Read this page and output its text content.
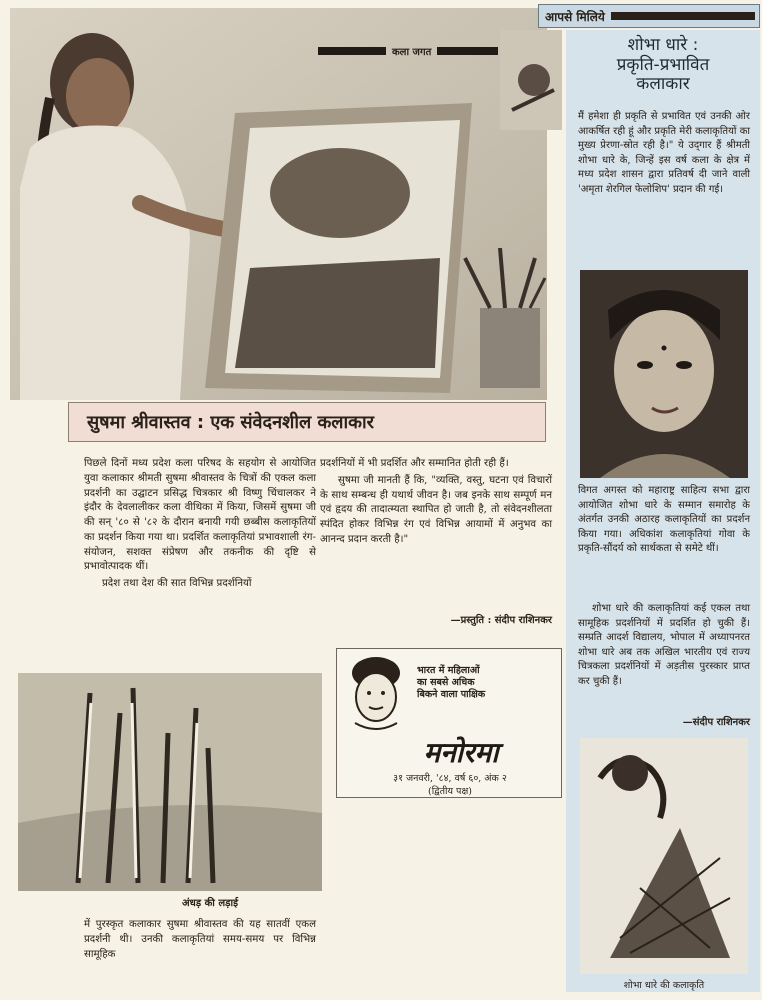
कला जगत
सुषमा श्रीवास्तव : एक संवेदनशील कलाकार

पिछले दिनों मध्य प्रदेश कला परिषद के सहयोग से आयोजित युवा कलाकार श्रीमती सुषमा श्रीवास्तव के चित्रों की एकल कला प्रदर्शनी का उद्घाटन प्रसिद्ध चित्रकार श्री विष्णु चिंचालकर ने इंदौर के देवलालीकर कला वीथिका में किया, जिसमें सुषमा जी की सन् '८० से '८२ के दौरान बनायी गयी छब्बीस कलाकृतियों का प्रदर्शन किया गया था। प्रदर्शित कलाकृतियां प्रभावशाली रंग-संयोजन, सशक्त संप्रेषण और तकनीक की दृष्टि से प्रभावोत्पादक थीं।

प्रदेश तथा देश की सात विभिन्न प्रदर्शनियों

प्रदर्शनियों में भी प्रदर्शित और सम्मानित होती रही हैं।

सुषमा जी मानती हैं कि, "व्यक्ति, वस्तु, घटना एवं विचारों के साथ सम्बन्ध ही यथार्थ जीवन है। जब इनके साथ सम्पूर्ण मन एवं हृदय की तादात्म्यता स्थापित हो जाती है, तो संवेदनशीलता स्पंदित होकर विभिन्न रंग एवं विभिन्न आयामों में अनुभव का आनन्द प्रदान करती है।"

—प्रस्तुति : संदीप राशिनकर
अंधड़ की लड़ाई
में पुरस्कृत कलाकार सुषमा श्रीवास्तव की यह सातवीं एकल प्रदर्शनी थी। उनकी कलाकृतियां समय-समय पर विभिन्न सामूहिक
भारत में महिलाओं
का सबसे अधिक
बिकने वाला पाक्षिक
मनोरमा
३१ जनवरी, '८४, वर्ष ६०, अंक २
(द्वितीय पक्ष)
आपसे मिलिये
शोभा धारे :
प्रकृति-प्रभावित
कलाकार
मैं हमेशा ही प्रकृति से प्रभावित एवं उनकी ओर आकर्षित रही हूं और प्रकृति मेरी कलाकृतियों का मुख्य प्रेरणा-स्रोत रही है।" ये उद्‌गार हैं श्रीमती शोभा धारे के, जिन्हें इस वर्ष कला के क्षेत्र में मध्य प्रदेश शासन द्वारा प्रतिवर्ष दी जाने वाली 'अमृता शेरगिल फेलोशिप' प्रदान की गई।
विगत अगस्त को महाराष्ट्र साहित्य सभा द्वारा आयोजित शोभा धारे के सम्मान समारोह के अंतर्गत उनकी अठारह कलाकृतियों का प्रदर्शन किया गया। अधिकांश कलाकृतियां गोवा के प्रकृति-सौंदर्य को सार्थकता से समेटे थीं।
शोभा धारे की कलाकृतियां कई एकल तथा सामूहिक प्रदर्शनियों में प्रदर्शित हो चुकी हैं। सम्प्रति आदर्श विद्यालय, भोपाल में अध्यापनरत शोभा धारे अब तक अखिल भारतीय एवं राज्य चित्रकला प्रदर्शनियों में अड़तीस पुरस्कार प्राप्त कर चुकी हैं।
—संदीप राशिनकर
शोभा धारे की कलाकृति
